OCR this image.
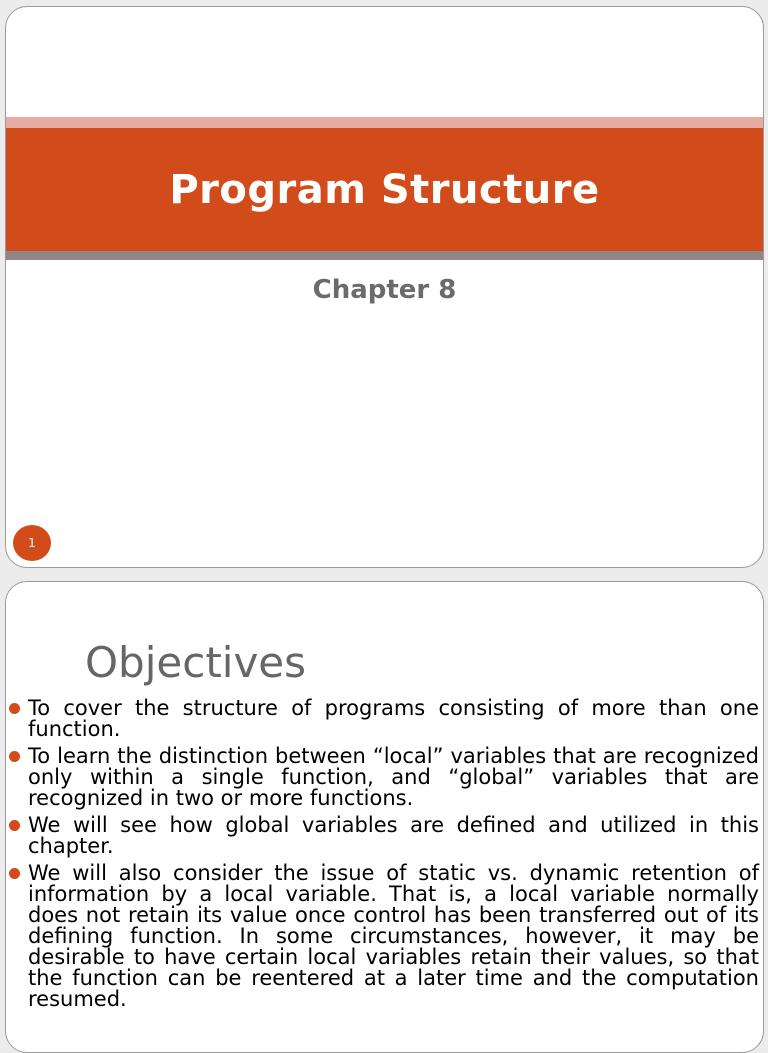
Program Structure
Chapter 8
1
Objectives
To cover the structure of programs consisting of more than one function.
To learn the distinction between “local” variables that are recognized only within a single function, and “global” variables that are recognized in two or more functions.
We will see how global variables are defined and utilized in this chapter.
We will also consider the issue of static vs. dynamic retention of information by a local variable. That is, a local variable normally does not retain its value once control has been transferred out of its defining function. In some circumstances, however, it may be desirable to have certain local variables retain their values, so that the function can be reentered at a later time and the computation resumed.
